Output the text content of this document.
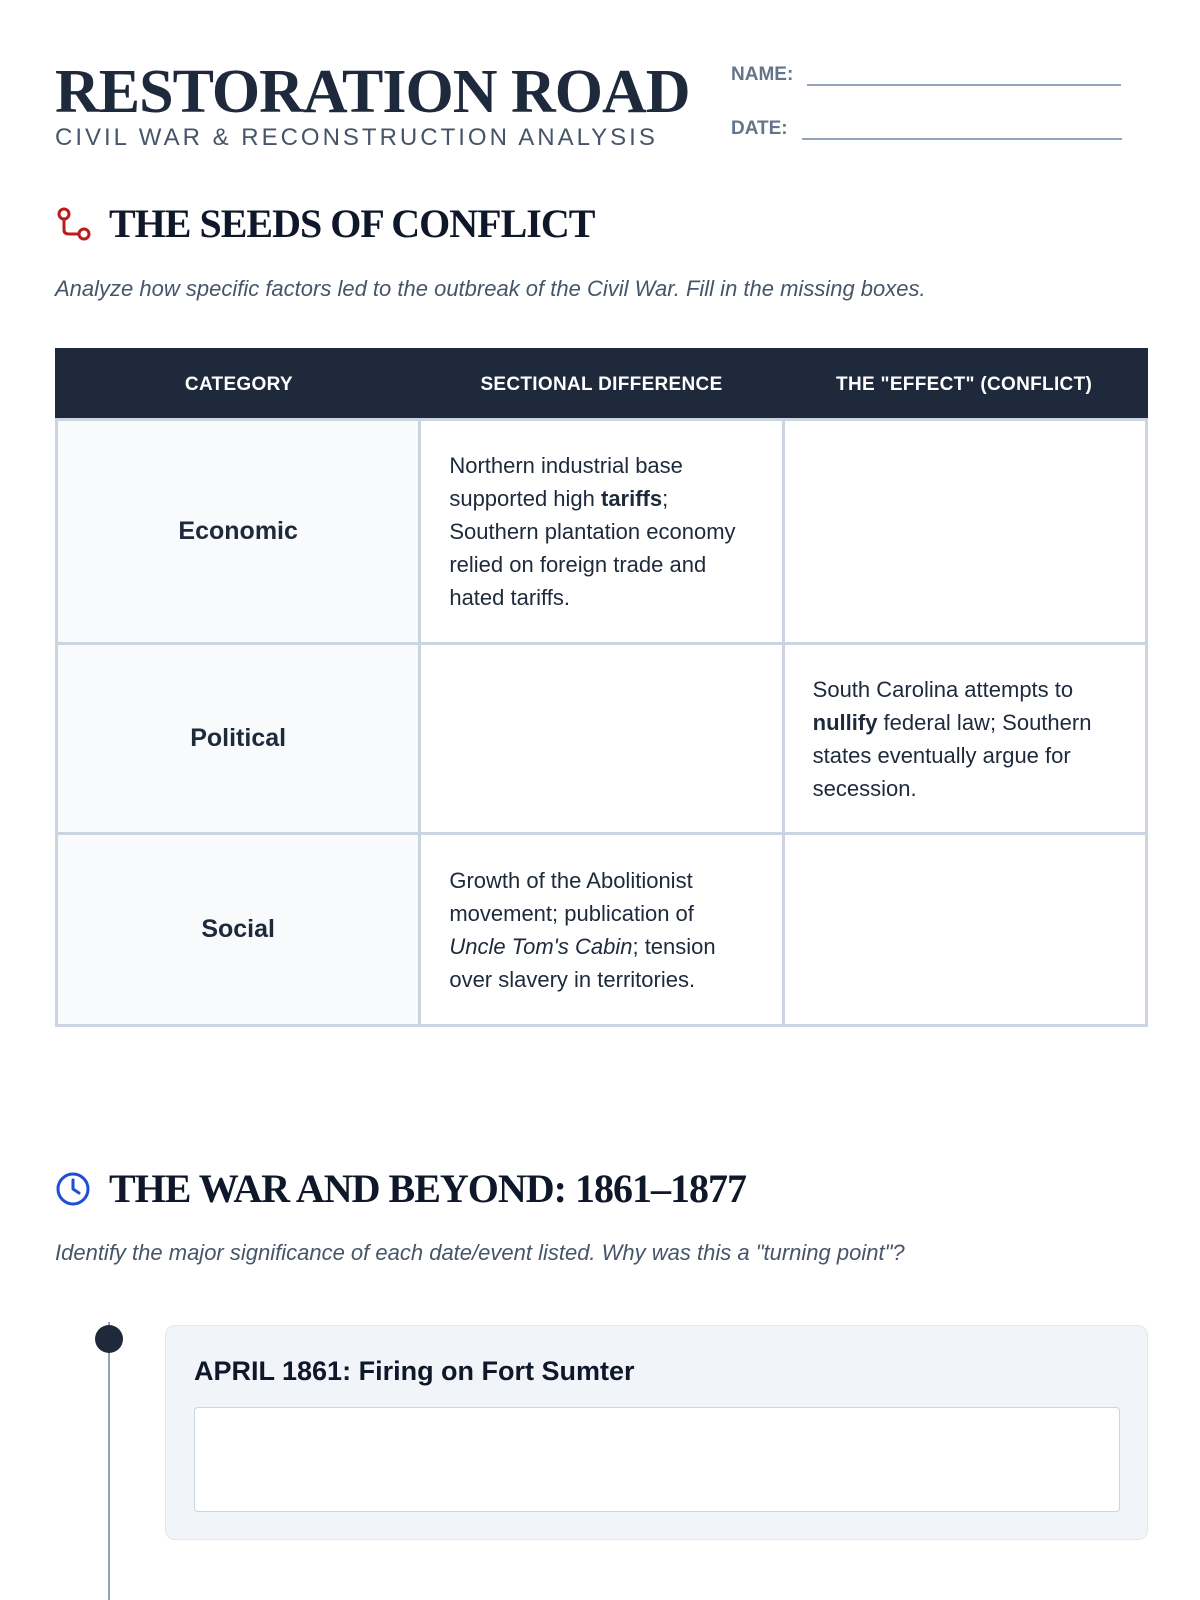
RESTORATION ROAD
CIVIL WAR & RECONSTRUCTION ANALYSIS
NAME:
DATE:
THE SEEDS OF CONFLICT
Analyze how specific factors led to the outbreak of the Civil War. Fill in the missing boxes.
CATEGORY	SECTIONAL DIFFERENCE	THE "EFFECT" (CONFLICT)
Economic	Northern industrial base supported high tariffs; Southern plantation economy relied on foreign trade and hated tariffs.	
Political		South Carolina attempts to nullify federal law; Southern states eventually argue for secession.
Social	Growth of the Abolitionist movement; publication of Uncle Tom's Cabin; tension over slavery in territories.	
THE WAR AND BEYOND: 1861–1877
Identify the major significance of each date/event listed. Why was this a "turning point"?
APRIL 1861: Firing on Fort Sumter
